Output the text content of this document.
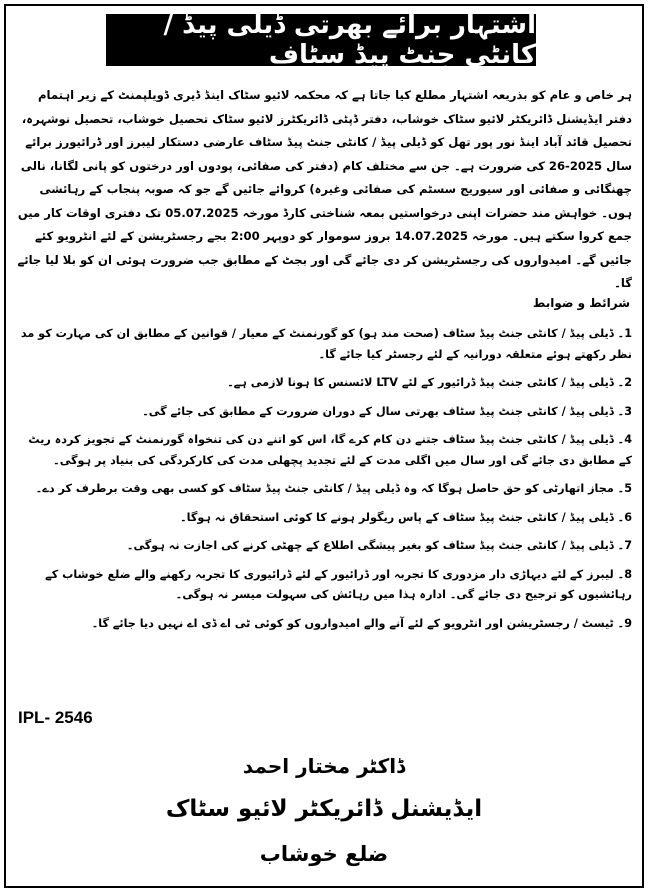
اشتہار برائے بھرتی ڈیلی پیڈ / کانٹی جنٹ پیڈ سٹاف
ہر خاص و عام کو بذریعہ اشتہار مطلع کیا جاتا ہے کہ محکمہ لائیو سٹاک اینڈ ڈیری ڈویلپمنٹ کے زیر اہتمام دفتر ایڈیشنل ڈائریکٹر لائیو سٹاک خوشاب، دفتر ڈپٹی ڈائریکٹرز لائیو سٹاک تحصیل خوشاب، تحصیل نوشہرہ، تحصیل قائد آباد اینڈ نور پور تھل کو ڈیلی پیڈ / کانٹی جنٹ پیڈ سٹاف عارضی دستکار لیبرز اور ڈرائیورز برائے سال 2025-26 کی ضرورت ہے۔ جن سے مختلف کام (دفتر کی صفائی، پودوں اور درختوں کو پانی لگانا، نالی چھنگائی و صفائی اور سیوریج سسٹم کی صفائی وغیرہ) کروائے جائیں گے جو کہ صوبہ پنجاب کے رہائشی ہوں۔ خواہش مند حضرات اپنی درخواستیں بمعہ شناختی کارڈ مورخہ 05.07.2025 تک دفتری اوقات کار میں جمع کروا سکتے ہیں۔ مورخہ 14.07.2025 بروز سوموار کو دوپہر 2:00 بجے رجسٹریشن کے لئے انٹرویو کئے جائیں گے۔ امیدواروں کی رجسٹریشن کر دی جائے گی اور بجٹ کے مطابق جب ضرورت ہوئی ان کو بلا لیا جائے گا۔
شرائط و ضوابط
1۔ ڈیلی پیڈ / کانٹی جنٹ پیڈ سٹاف (صحت مند ہو) کو گورنمنٹ کے معیار / قوانین کے مطابق ان کی مہارت کو مد نظر رکھتے ہوئے متعلقہ دورانیہ کے لئے رجسٹر کیا جائے گا۔
2۔ ڈیلی پیڈ / کانٹی جنٹ پیڈ ڈرائیور کے لئے LTV لائسنس کا ہونا لازمی ہے۔
3۔ ڈیلی پیڈ / کانٹی جنٹ پیڈ سٹاف بھرتی سال کے دوران ضرورت کے مطابق کی جائے گی۔
4۔ ڈیلی پیڈ / کانٹی جنٹ پیڈ سٹاف جتنے دن کام کرے گا، اس کو اتنے دن کی تنخواہ گورنمنٹ کے تجویز کردہ ریٹ کے مطابق دی جائے گی اور سال میں اگلی مدت کے لئے تجدید پچھلی مدت کی کارکردگی کی بنیاد پر ہوگی۔
5۔ مجاز اتھارٹی کو حق حاصل ہوگا کہ وہ ڈیلی پیڈ / کانٹی جنٹ پیڈ سٹاف کو کسی بھی وقت برطرف کر دے۔
6۔ ڈیلی پیڈ / کانٹی جنٹ پیڈ سٹاف کے پاس ریگولر ہونے کا کوئی استحقاق نہ ہوگا۔
7۔ ڈیلی پیڈ / کانٹی جنٹ پیڈ سٹاف کو بغیر پیشگی اطلاع کے چھٹی کرنے کی اجازت نہ ہوگی۔
8۔ لیبرز کے لئے دیہاڑی دار مزدوری کا تجربہ اور ڈرائیور کے لئے ڈرائیوری کا تجربہ رکھنے والے ضلع خوشاب کے رہائشیوں کو ترجیح دی جائے گی۔ ادارہ ہذا میں رہائش کی سہولت میسر نہ ہوگی۔
9۔ ٹیسٹ / رجسٹریشن اور انٹرویو کے لئے آنے والے امیدواروں کو کوئی ٹی اے ڈی اے نہیں دیا جائے گا۔
IPL- 2546
ڈاکٹر مختار احمد
ایڈیشنل ڈائریکٹر لائیو سٹاک
ضلع خوشاب
